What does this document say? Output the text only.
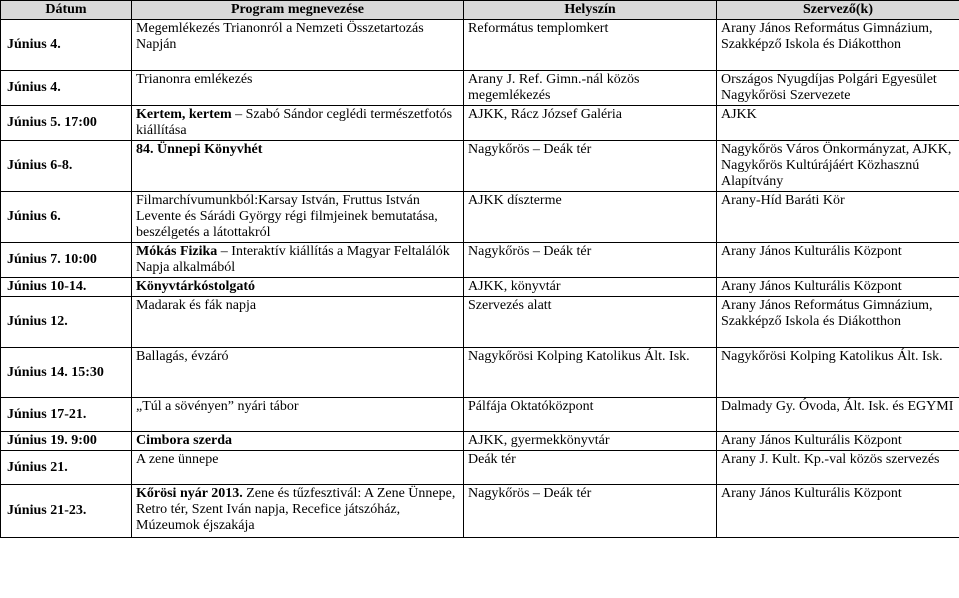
Dátum	Program megnevezése	Helyszín	Szervező(k)
Június 4.	Megemlékezés Trianonról a Nemzeti Összetartozás Napján	Református templomkert	Arany János Református Gimnázium, Szakképző Iskola és Diákotthon
Június 4.	Trianonra emlékezés	Arany J. Ref. Gimn.-nál közös megemlékezés	Országos Nyugdíjas Polgári Egyesület Nagykőrösi Szervezete
Június 5. 17:00	Kertem, kertem – Szabó Sándor ceglédi természetfotós kiállítása	AJKK, Rácz József Galéria	AJKK
Június 6-8.	84. Ünnepi Könyvhét	Nagykőrös – Deák tér	Nagykőrös Város Önkormányzat, AJKK, Nagykőrös Kultúrájáért Közhasznú Alapítvány
Június 6.	Filmarchívumunkból:Karsay István, Fruttus István Levente és Sárádi György régi filmjeinek bemutatása, beszélgetés a látottakról	AJKK díszterme	Arany-Híd Baráti Kör
Június 7. 10:00	Mókás Fizika – Interaktív kiállítás a Magyar Feltalálók Napja alkalmából	Nagykőrös – Deák tér	Arany János Kulturális Központ
Június 10-14.	Könyvtárkóstolgató	AJKK, könyvtár	Arany János Kulturális Központ
Június 12.	Madarak és fák napja	Szervezés alatt	Arany János Református Gimnázium, Szakképző Iskola és Diákotthon
Június 14. 15:30	Ballagás, évzáró	Nagykőrösi Kolping Katolikus Ált. Isk.	Nagykőrösi Kolping Katolikus Ált. Isk.
Június 17-21.	„Túl a sövényen” nyári tábor	Pálfája Oktatóközpont	Dalmady Gy. Óvoda, Ált. Isk. és EGYMI
Június 19. 9:00	Cimbora szerda	AJKK, gyermekkönyvtár	Arany János Kulturális Központ
Június 21.	A zene ünnepe	Deák tér	Arany J. Kult. Kp.-val közös szervezés
Június 21-23.	Kőrösi nyár 2013. Zene és tűzfesztivál: A Zene Ünnepe, Retro tér, Szent Iván napja, Recefice játszóház, Múzeumok éjszakája	Nagykőrös – Deák tér	Arany János Kulturális Központ
